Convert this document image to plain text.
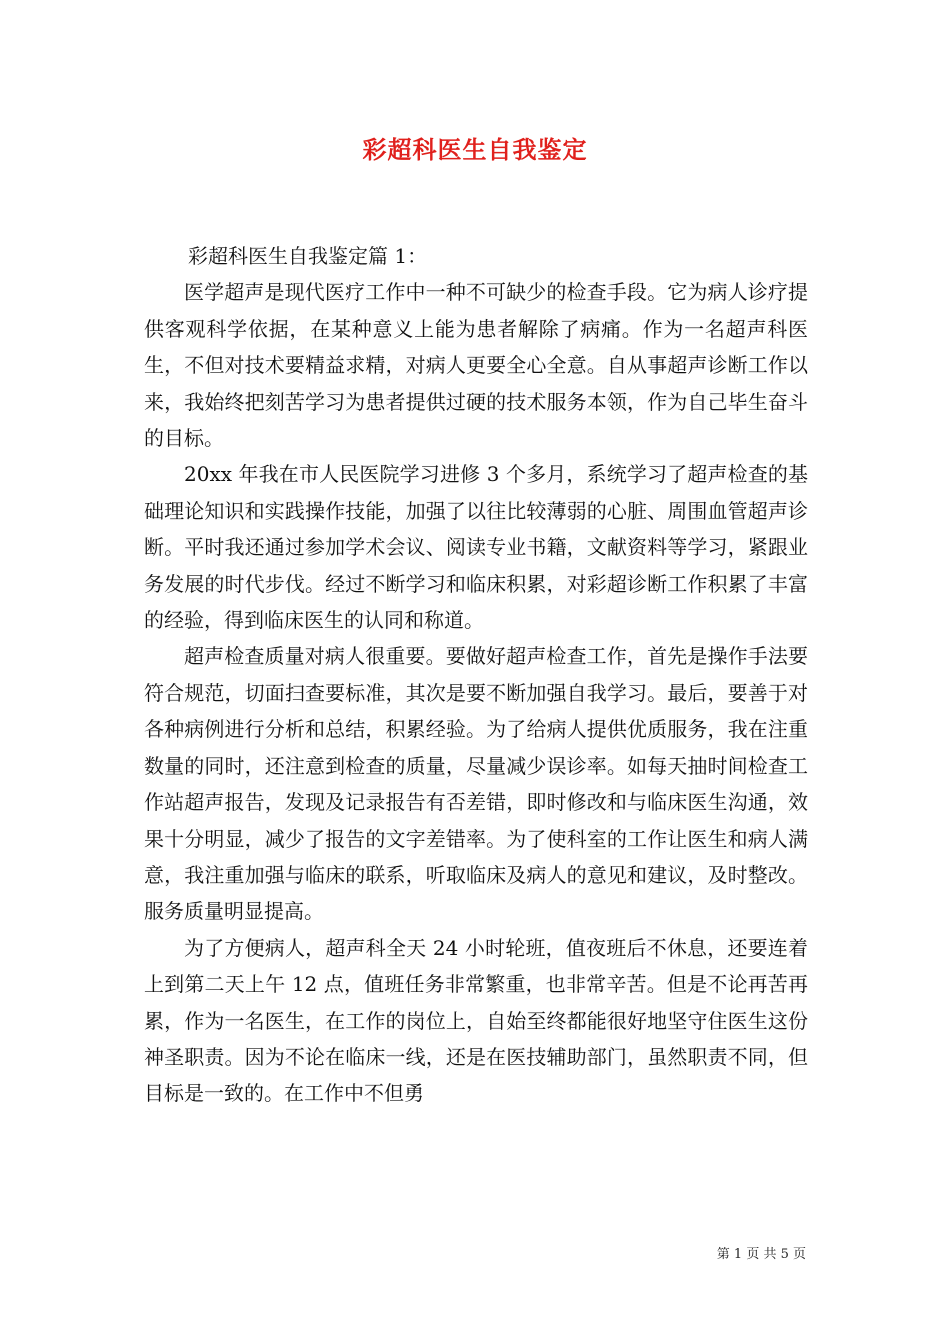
彩超科医生自我鉴定

彩超科医生自我鉴定篇 1：

医学超声是现代医疗工作中一种不可缺少的检查手段。它为病人诊疗提供客观科学依据，在某种意义上能为患者解除了病痛。作为一名超声科医生，不但对技术要精益求精，对病人更要全心全意。自从事超声诊断工作以来，我始终把刻苦学习为患者提供过硬的技术服务本领，作为自己毕生奋斗的目标。

20xx 年我在市人民医院学习进修 3 个多月，系统学习了超声检查的基础理论知识和实践操作技能，加强了以往比较薄弱的心脏、周围血管超声诊断。平时我还通过参加学术会议、阅读专业书籍，文献资料等学习，紧跟业务发展的时代步伐。经过不断学习和临床积累，对彩超诊断工作积累了丰富的经验，得到临床医生的认同和称道。

超声检查质量对病人很重要。要做好超声检查工作，首先是操作手法要符合规范，切面扫查要标准，其次是要不断加强自我学习。最后，要善于对各种病例进行分析和总结，积累经验。为了给病人提供优质服务，我在注重数量的同时，还注意到检查的质量，尽量减少误诊率。如每天抽时间检查工作站超声报告，发现及记录报告有否差错，即时修改和与临床医生沟通，效果十分明显，减少了报告的文字差错率。为了使科室的工作让医生和病人满意，我注重加强与临床的联系，听取临床及病人的意见和建议，及时整改。服务质量明显提高。

为了方便病人，超声科全天 24 小时轮班，值夜班后不休息，还要连着上到第二天上午 12 点，值班任务非常繁重，也非常辛苦。但是不论再苦再累，作为一名医生，在工作的岗位上，自始至终都能很好地坚守住医生这份神圣职责。因为不论在临床一线，还是在医技辅助部门，虽然职责不同，但目标是一致的。在工作中不但勇

第 1 页 共 5 页
